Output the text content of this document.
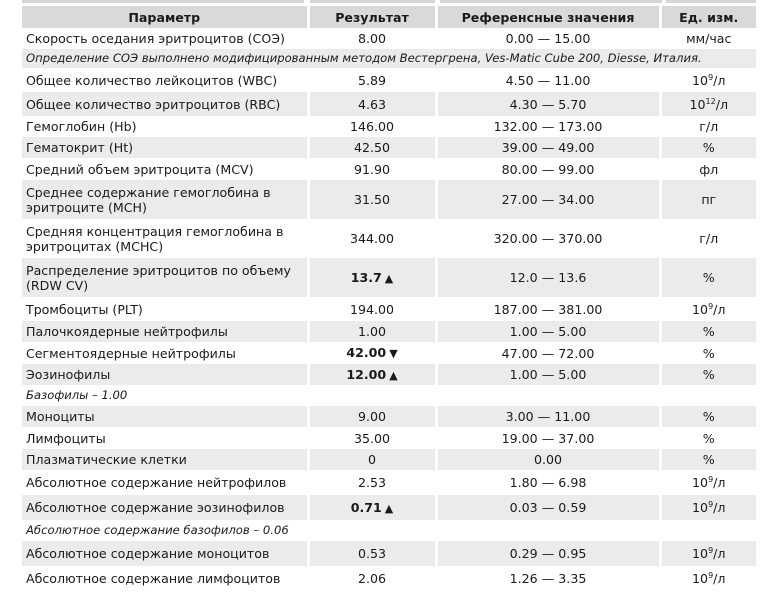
Параметр	Результат	Референсные значения	Ед. изм.
Скорость оседания эритроцитов (СОЭ)	8.00	0.00 — 15.00	мм/час
Определение СОЭ выполнено модифицированным методом Вестергрена, Ves-Matic Cube 200, Diesse, Италия.			
Общее количество лейкоцитов (WBC)	5.89	4.50 — 11.00	$10^9/л$
Общее количество эритроцитов (RBC)	4.63	4.30 — 5.70	$10^{12}/л$
Гемоглобин (Hb)	146.00	132.00 — 173.00	г/л
Гематокрит (Ht)	42.50	39.00 — 49.00	%
Средний объем эритроцита (MCV)	91.90	80.00 — 99.00	фл
Среднее содержание гемоглобина в эритроците (MCH)	31.50	27.00 — 34.00	пг
Средняя концентрация гемоглобина в эритроцитах (MCHC)	344.00	320.00 — 370.00	г/л
Распределение эритроцитов по объему (RDW CV)	13.7 ▲	12.0 — 13.6	%
Тромбоциты (PLT)	194.00	187.00 — 381.00	$10^9/л$
Палочкоядерные нейтрофилы	1.00	1.00 — 5.00	%
Сегментоядерные нейтрофилы	42.00 ▼	47.00 — 72.00	%
Эозинофилы	12.00 ▲	1.00 — 5.00	%
Базофилы – 1.00			
Моноциты	9.00	3.00 — 11.00	%
Лимфоциты	35.00	19.00 — 37.00	%
Плазматические клетки	0	0.00	%
Абсолютное содержание нейтрофилов	2.53	1.80 — 6.98	$10^9/л$
Абсолютное содержание эозинофилов	0.71 ▲	0.03 — 0.59	$10^9/л$
Абсолютное содержание базофилов – 0.06			
Абсолютное содержание моноцитов	0.53	0.29 — 0.95	$10^9/л$
Абсолютное содержание лимфоцитов	2.06	1.26 — 3.35	$10^9/л$
